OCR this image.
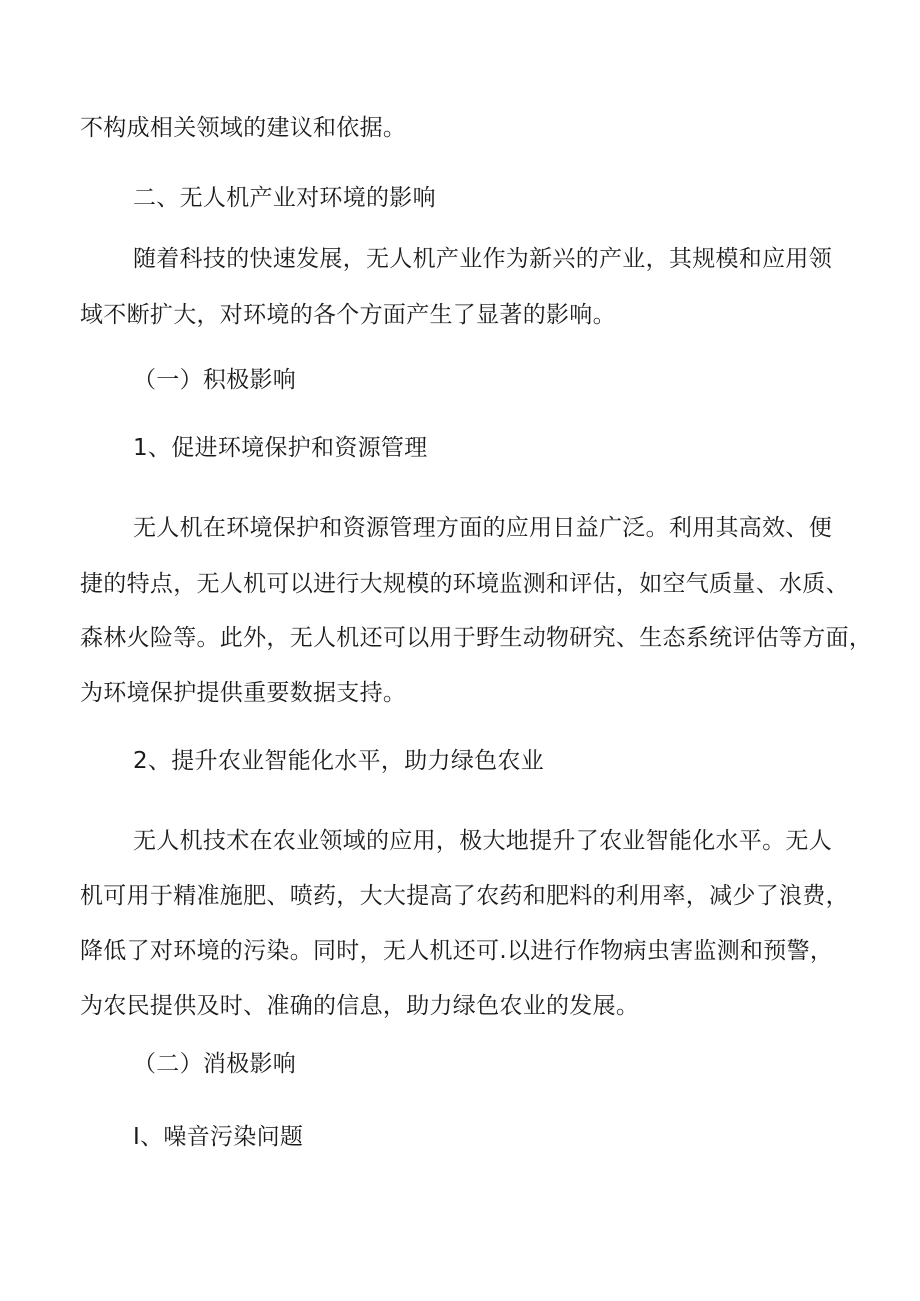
不构成相关领域的建议和依据。

二、无人机产业对环境的影响

随着科技的快速发展，无人机产业作为新兴的产业，其规模和应用领

域不断扩大，对环境的各个方面产生了显著的影响。

（一）积极影响

1、促进环境保护和资源管理

无人机在环境保护和资源管理方面的应用日益广泛。利用其高效、便

捷的特点，无人机可以进行大规模的环境监测和评估，如空气质量、水质、

森林火险等。此外，无人机还可以用于野生动物研究、生态系统评估等方面，

为环境保护提供重要数据支持。

2、提升农业智能化水平，助力绿色农业

无人机技术在农业领域的应用，极大地提升了农业智能化水平。无人

机可用于精准施肥、喷药，大大提高了农药和肥料的利用率，减少了浪费，

降低了对环境的污染。同时，无人机还可.以进行作物病虫害监测和预警，

为农民提供及时、准确的信息，助力绿色农业的发展。

（二）消极影响

I、噪音污染问题
